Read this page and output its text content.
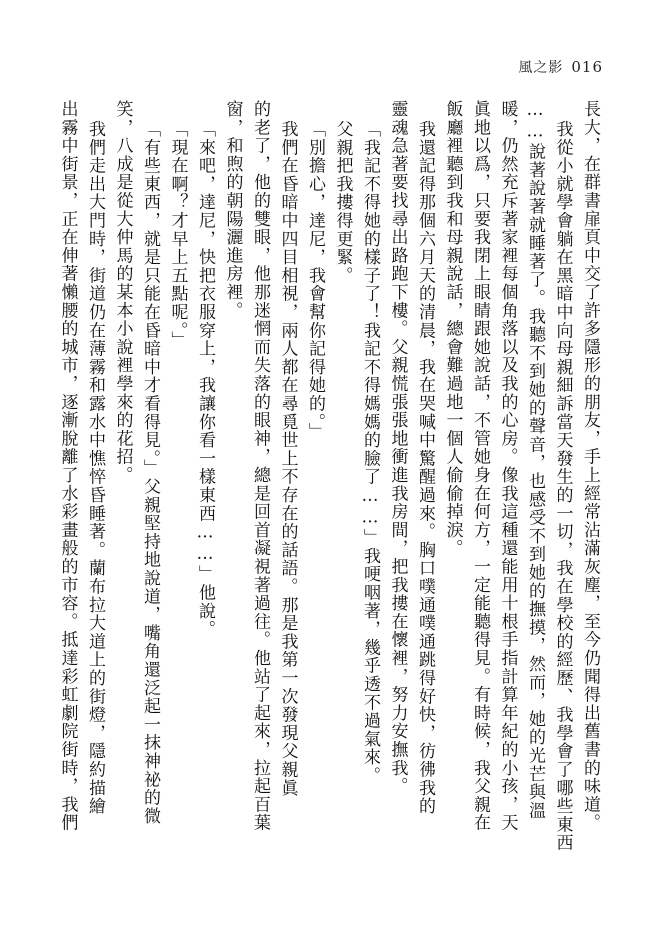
風之影 016

長大，在群書扉頁中交了許多隱形的朋友，手上經常沾滿灰塵，至今仍聞得出舊書的味道。

我從小就學會躺在黑暗中向母親細訴當天發生的一切，我在學校的經歷、我學會了哪些東西

……說著說著就睡著了。我聽不到她的聲音，也感受不到她的撫摸，然而，她的光芒與溫

暖，仍然充斥著家裡每個角落以及我的心房。像我這種還能用十根手指計算年紀的小孩，天

眞地以爲，只要我閉上眼睛跟她說話，不管她身在何方，一定能聽得見。有時候，我父親在

飯廳裡聽到我和母親說話，總會難過地一個人偷偷掉淚。

我還記得那個六月天的清晨，我在哭喊中驚醒過來。胸口噗通噗通跳得好快，彷彿我的

靈魂急著要找尋出路跑下樓。父親慌張張地衝進我房間，把我摟在懷裡，努力安撫我。

「我記不得她的樣子了！我記不得媽媽的臉了……」我哽咽著，幾乎透不過氣來。

父親把我摟得更緊。

「別擔心，達尼，我會幫你記得她的。」

我們在昏暗中四目相視，兩人都在尋覓世上不存在的話語。那是我第一次發現父親眞

的老了，他的雙眼，他那迷惘而失落的眼神，總是回首凝視著過往。他站了起來，拉起百葉

窗，和煦的朝陽灑進房裡。

「來吧，達尼，快把衣服穿上，我讓你看一樣東西……」他說。

「現在啊？才早上五點呢。」

「有些東西，就是只能在昏暗中才看得見。」父親堅持地說道，嘴角還泛起一抹神祕的微

笑，八成是從大仲馬的某本小說裡學來的花招。

我們走出大門時，街道仍在薄霧和露水中憔悴昏睡著。蘭布拉大道上的街燈，隱約描繪

出霧中街景，正在伸著懶腰的城市，逐漸脫離了水彩畫般的市容。抵達彩虹劇院街時，我們
